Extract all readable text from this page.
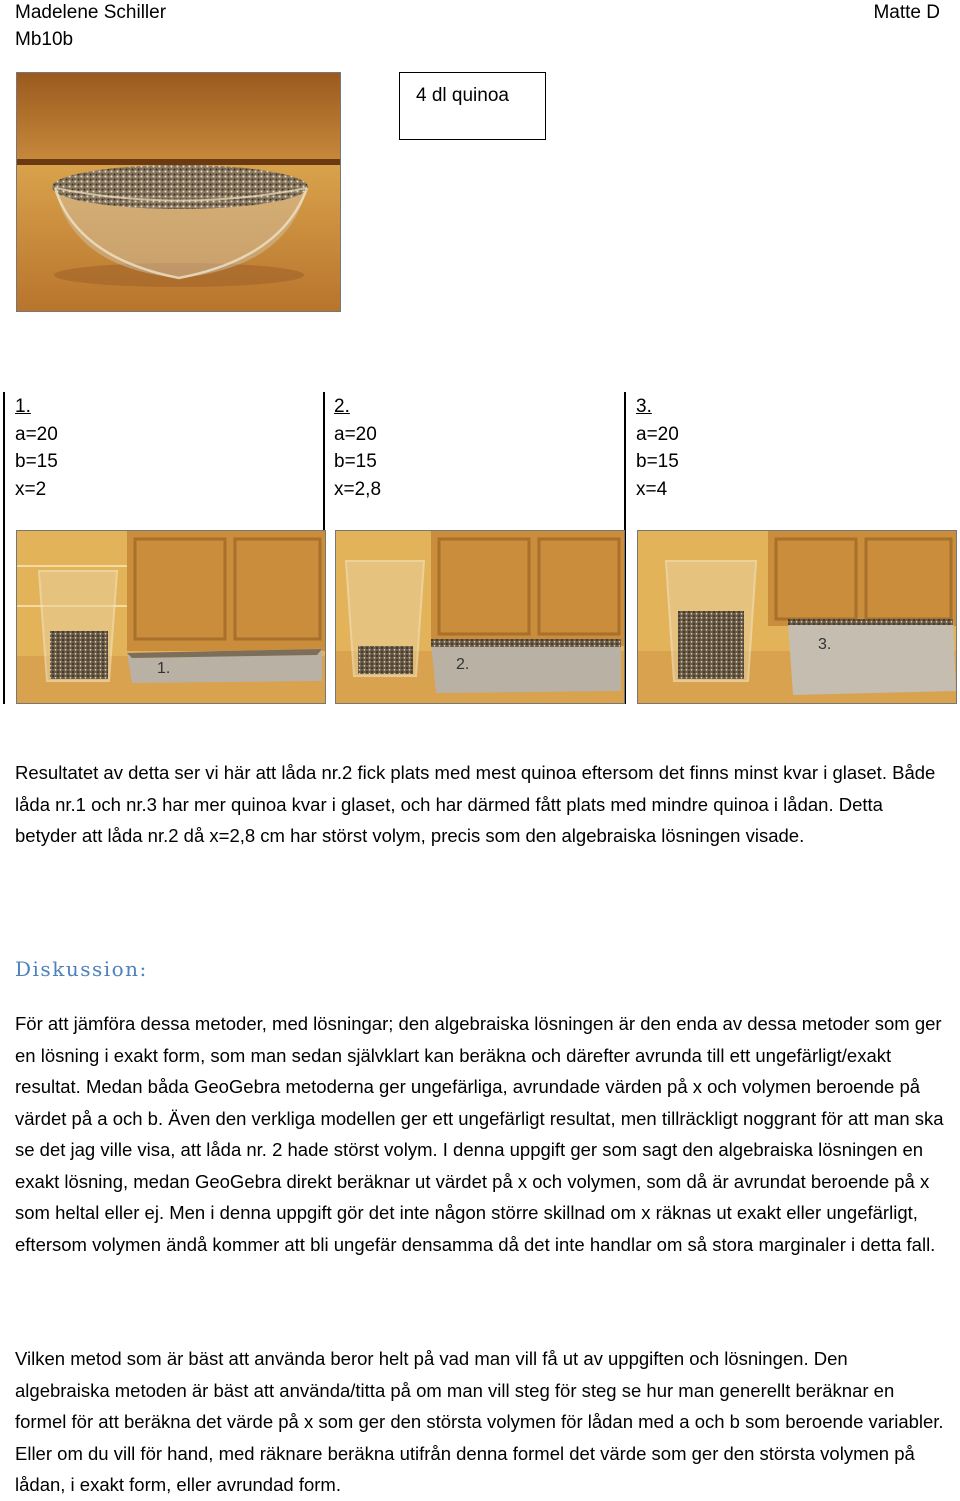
Madelene Schiller
Mb10b
Matte D
4 dl quinoa
1.
a=20
b=15
x=2
2.
a=20
b=15
x=2,8
3.
a=20
b=15
x=4
1.	2.
3.
Resultatet av detta ser vi här att låda nr.2 fick plats med mest quinoa eftersom det finns minst kvar i glaset. Både låda nr.1 och nr.3 har mer quinoa kvar i glaset, och har därmed fått plats med mindre quinoa i lådan. Detta betyder att låda nr.2 då x=2,8 cm har störst volym, precis som den algebraiska lösningen visade.
Diskussion:
För att jämföra dessa metoder, med lösningar; den algebraiska lösningen är den enda av dessa metoder som ger en lösning i exakt form, som man sedan självklart kan beräkna och därefter avrunda till ett ungefärligt/exakt resultat. Medan båda GeoGebra metoderna ger ungefärliga, avrundade värden på x och volymen beroende på värdet på a och b. Även den verkliga modellen ger ett ungefärligt resultat, men tillräckligt noggrant för att man ska se det jag ville visa, att låda nr. 2 hade störst volym. I denna uppgift ger som sagt den algebraiska lösningen en exakt lösning, medan GeoGebra direkt beräknar ut värdet på x och volymen, som då är avrundat beroende på x som heltal eller ej. Men i denna uppgift gör det inte någon större skillnad om x räknas ut exakt eller ungefärligt, eftersom volymen ändå kommer att bli ungefär densamma då det inte handlar om så stora marginaler i detta fall.
Vilken metod som är bäst att använda beror helt på vad man vill få ut av uppgiften och lösningen. Den algebraiska metoden är bäst att använda/titta på om man vill steg för steg se hur man generellt beräknar en formel för att beräkna det värde på x som ger den största volymen för lådan med a och b som beroende variabler. Eller om du vill för hand, med räknare beräkna utifrån denna formel det värde som ger den största volymen på lådan, i exakt form, eller avrundad form.
